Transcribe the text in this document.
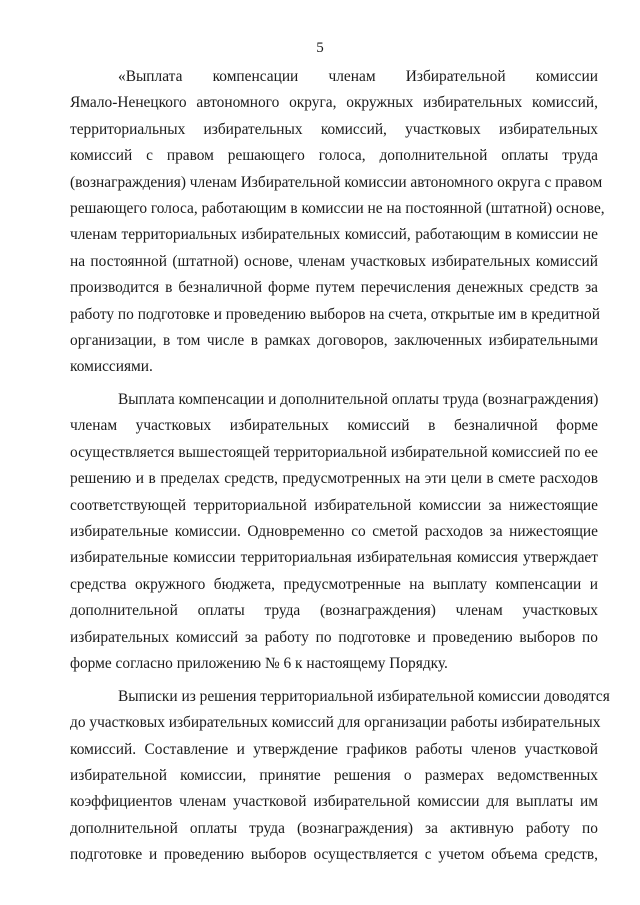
5
«Выплата компенсации членам Избирательной комиссии
Ямало-Ненецкого автономного округа, окружных избирательных комиссий,
территориальных избирательных комиссий, участковых избирательных
комиссий с правом решающего голоса, дополнительной оплаты труда
(вознаграждения) членам Избирательной комиссии автономного округа с правом
решающего голоса, работающим в комиссии не на постоянной (штатной) основе,
членам территориальных избирательных комиссий, работающим в комиссии не
на постоянной (штатной) основе, членам участковых избирательных комиссий
производится в безналичной форме путем перечисления денежных средств за
работу по подготовке и проведению выборов на счета, открытые им в кредитной
организации, в том числе в рамках договоров, заключенных избирательными
комиссиями.
Выплата компенсации и дополнительной оплаты труда (вознаграждения)
членам участковых избирательных комиссий в безналичной форме
осуществляется вышестоящей территориальной избирательной комиссией по ее
решению и в пределах средств, предусмотренных на эти цели в смете расходов
соответствующей территориальной избирательной комиссии за нижестоящие
избирательные комиссии. Одновременно со сметой расходов за нижестоящие
избирательные комиссии территориальная избирательная комиссия утверждает
средства окружного бюджета, предусмотренные на выплату компенсации и
дополнительной оплаты труда (вознаграждения) членам участковых
избирательных комиссий за работу по подготовке и проведению выборов по
форме согласно приложению № 6 к настоящему Порядку.
Выписки из решения территориальной избирательной комиссии доводятся
до участковых избирательных комиссий для организации работы избирательных
комиссий. Составление и утверждение графиков работы членов участковой
избирательной комиссии, принятие решения о размерах ведомственных
коэффициентов членам участковой избирательной комиссии для выплаты им
дополнительной оплаты труда (вознаграждения) за активную работу по
подготовке и проведению выборов осуществляется с учетом объема средств,
